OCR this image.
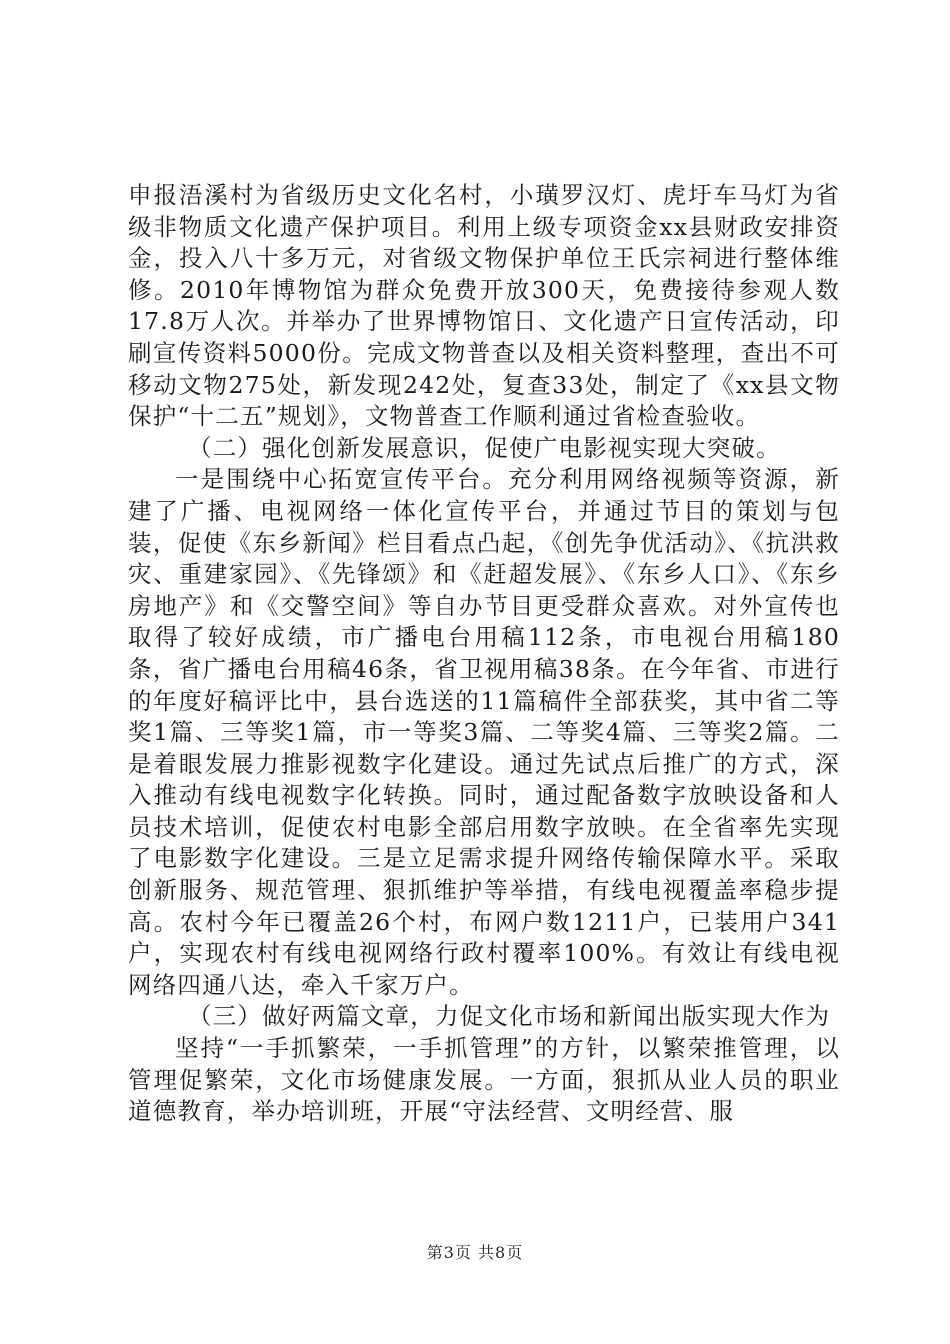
申报浯溪村为省级历史文化名村，小璜罗汉灯、虎圩车马灯为省级非物质文化遗产保护项目。利用上级专项资金xx县财政安排资金，投入八十多万元，对省级文物保护单位王氏宗祠进行整体维修。2010年博物馆为群众免费开放300天，免费接待参观人数17.8万人次。并举办了世界博物馆日、文化遗产日宣传活动，印刷宣传资料5000份。完成文物普查以及相关资料整理，查出不可移动文物275处，新发现242处，复查33处，制定了《xx县文物保护“十二五”规划》，文物普查工作顺利通过省检查验收。

（二）强化创新发展意识，促使广电影视实现大突破。

一是围绕中心拓宽宣传平台。充分利用网络视频等资源，新建了广播、电视网络一体化宣传平台，并通过节目的策划与包装，促使《东乡新闻》栏目看点凸起，《创先争优活动》、《抗洪救灾、重建家园》、《先锋颂》和《赶超发展》、《东乡人口》、《东乡房地产》和《交警空间》等自办节目更受群众喜欢。对外宣传也取得了较好成绩，市广播电台用稿112条，市电视台用稿180条，省广播电台用稿46条，省卫视用稿38条。在今年省、市进行的年度好稿评比中，县台选送的11篇稿件全部获奖，其中省二等奖1篇、三等奖1篇，市一等奖3篇、二等奖4篇、三等奖2篇。二是着眼发展力推影视数字化建设。通过先试点后推广的方式，深入推动有线电视数字化转换。同时，通过配备数字放映设备和人员技术培训，促使农村电影全部启用数字放映。在全省率先实现了电影数字化建设。三是立足需求提升网络传输保障水平。采取创新服务、规范管理、狠抓维护等举措，有线电视覆盖率稳步提高。农村今年已覆盖26个村，布网户数1211户，已装用户341户，实现农村有线电视网络行政村覆率100%。有效让有线电视网络四通八达，牵入千家万户。

（三）做好两篇文章，力促文化市场和新闻出版实现大作为

坚持“一手抓繁荣，一手抓管理”的方针，以繁荣推管理，以管理促繁荣，文化市场健康发展。一方面，狠抓从业人员的职业道德教育，举办培训班，开展“守法经营、文明经营、服

第3页 共8页
